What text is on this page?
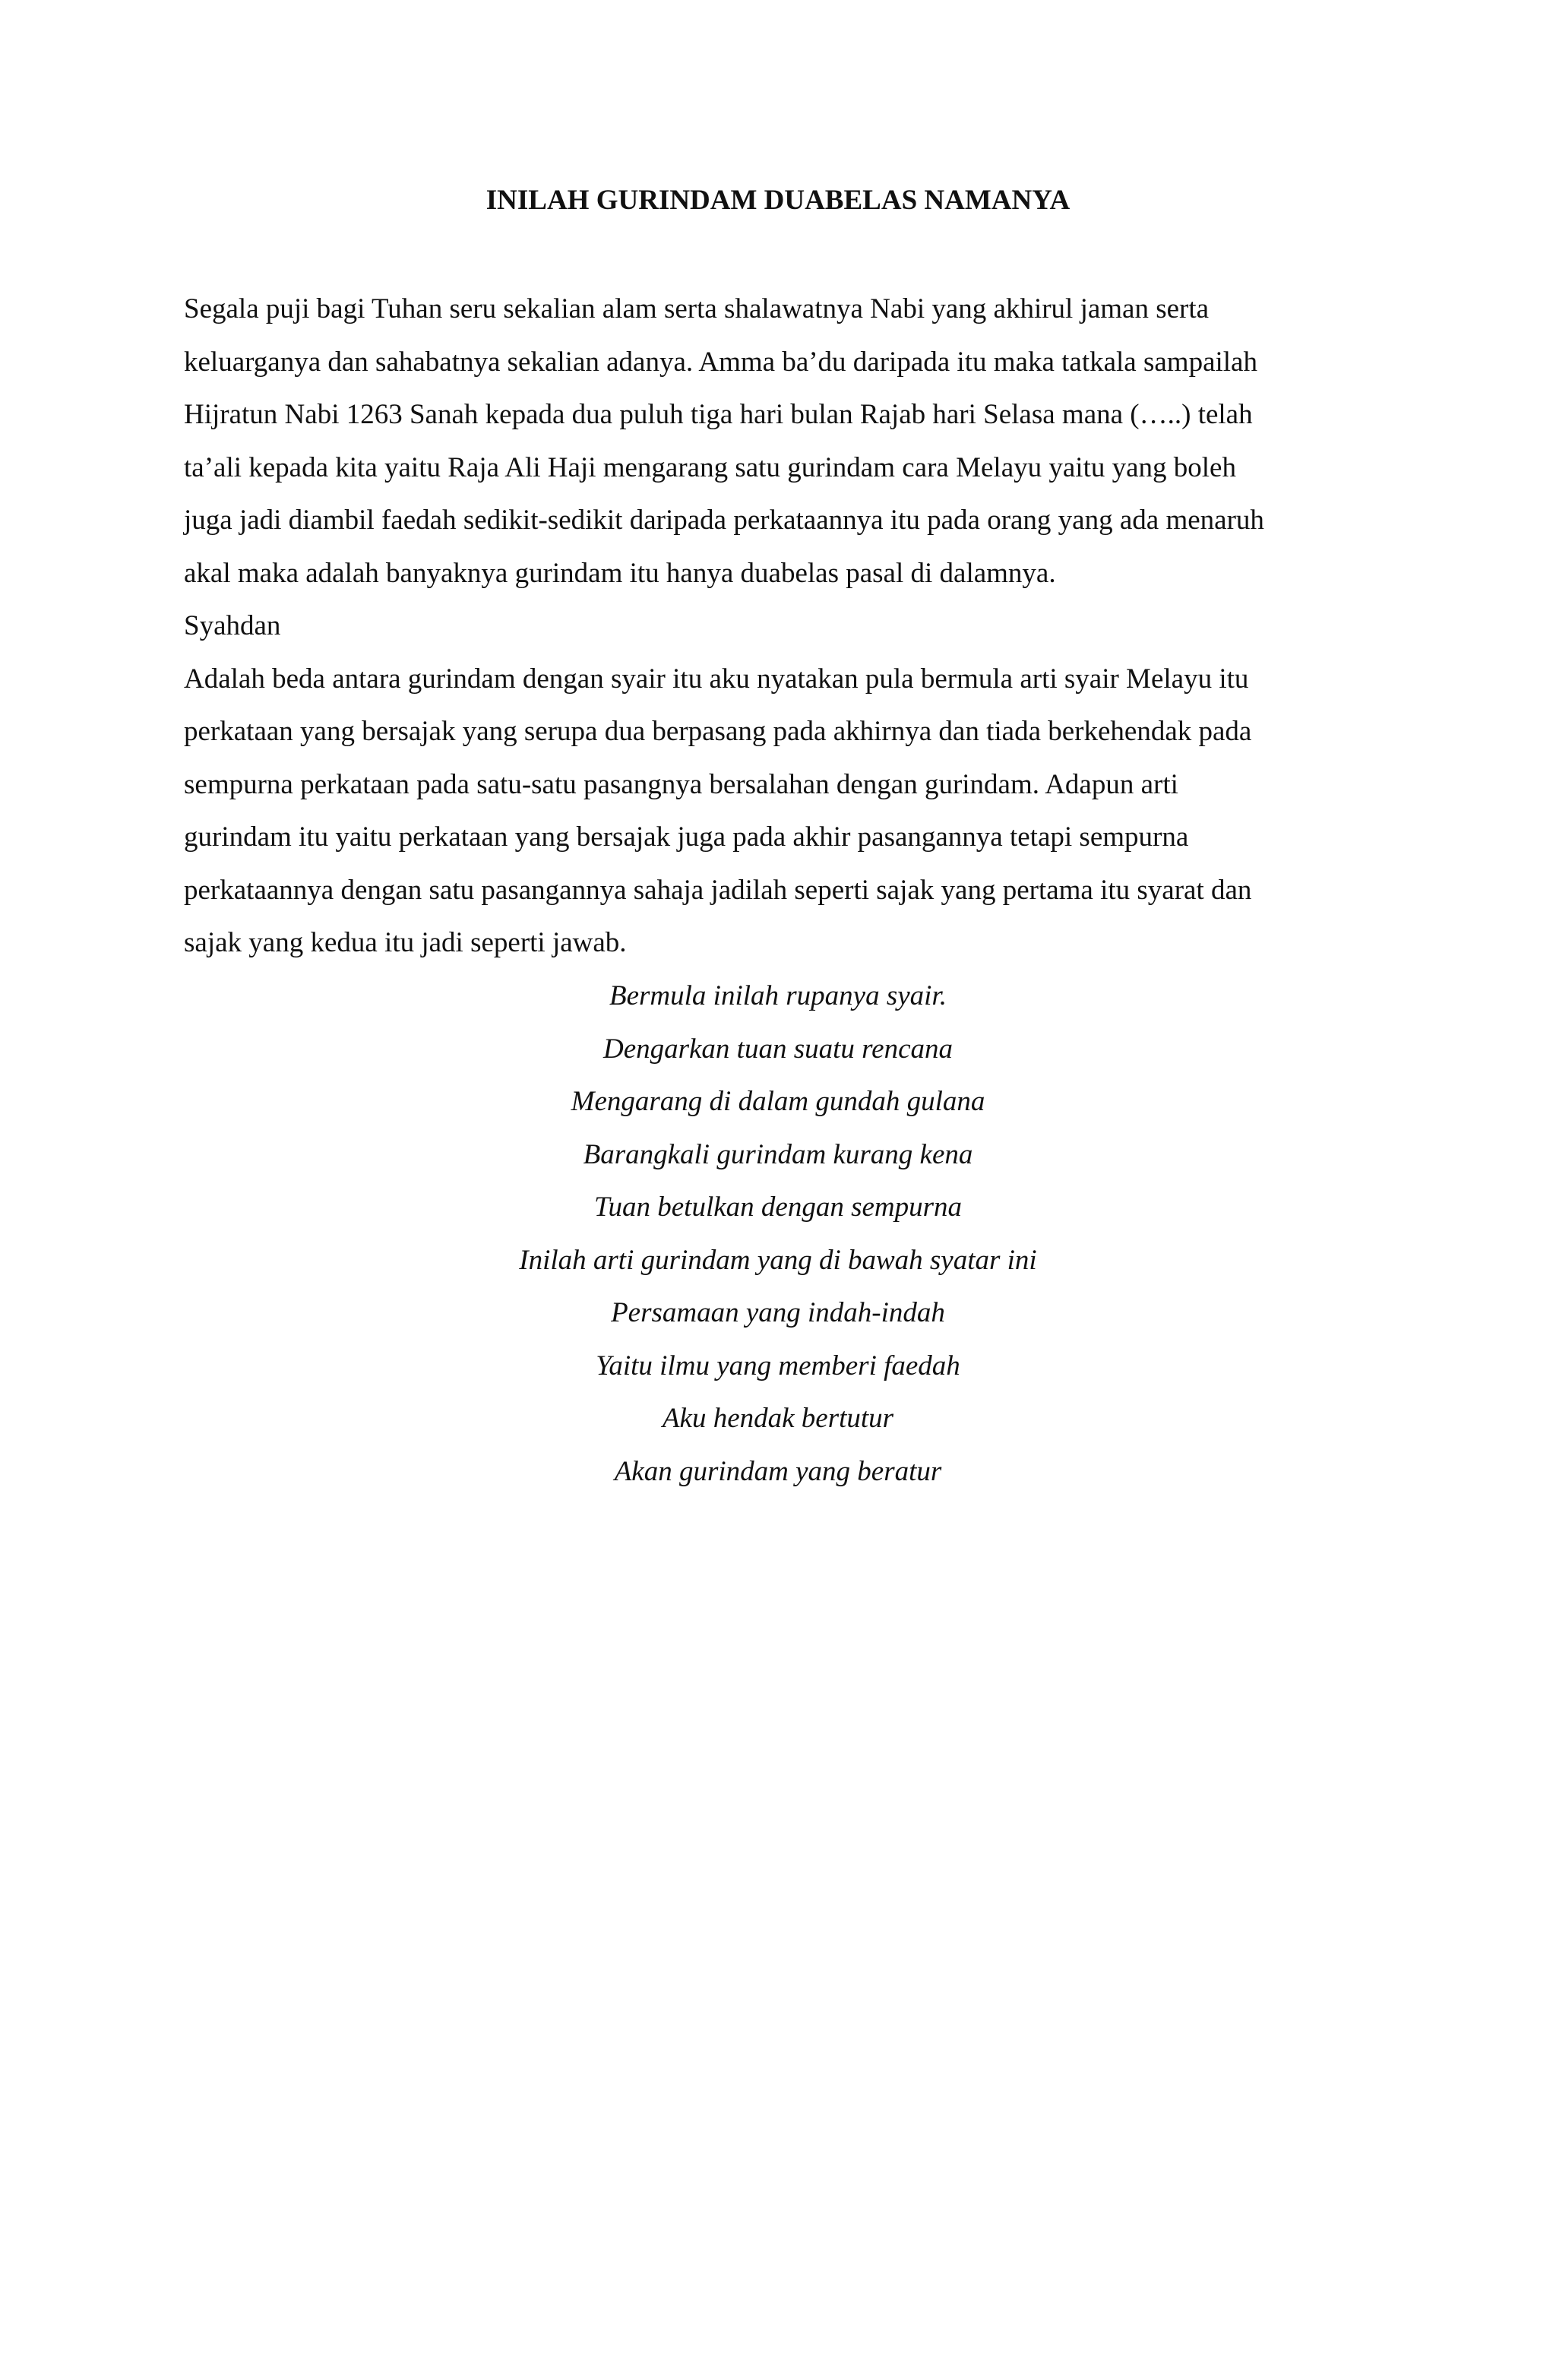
INILAH GURINDAM DUABELAS NAMANYA

Segala puji bagi Tuhan seru sekalian alam serta shalawatnya Nabi yang akhirul jaman serta
keluarganya dan sahabatnya sekalian adanya. Amma ba’du daripada itu maka tatkala sampailah
Hijratun Nabi 1263 Sanah kepada dua puluh tiga hari bulan Rajab hari Selasa mana (…..) telah
ta’ali kepada kita yaitu Raja Ali Haji mengarang satu gurindam cara Melayu yaitu yang boleh
juga jadi diambil faedah sedikit-sedikit daripada perkataannya itu pada orang yang ada menaruh
akal maka adalah banyaknya gurindam itu hanya duabelas pasal di dalamnya.

Syahdan

Adalah beda antara gurindam dengan syair itu aku nyatakan pula bermula arti syair Melayu itu
perkataan yang bersajak yang serupa dua berpasang pada akhirnya dan tiada berkehendak pada
sempurna perkataan pada satu-satu pasangnya bersalahan dengan gurindam. Adapun arti
gurindam itu yaitu perkataan yang bersajak juga pada akhir pasangannya tetapi sempurna
perkataannya dengan satu pasangannya sahaja jadilah seperti sajak yang pertama itu syarat dan
sajak yang kedua itu jadi seperti jawab.

Bermula inilah rupanya syair.
Dengarkan tuan suatu rencana
Mengarang di dalam gundah gulana
Barangkali gurindam kurang kena
Tuan betulkan dengan sempurna
Inilah arti gurindam yang di bawah syatar ini
Persamaan yang indah-indah
Yaitu ilmu yang memberi faedah
Aku hendak bertutur
Akan gurindam yang beratur
